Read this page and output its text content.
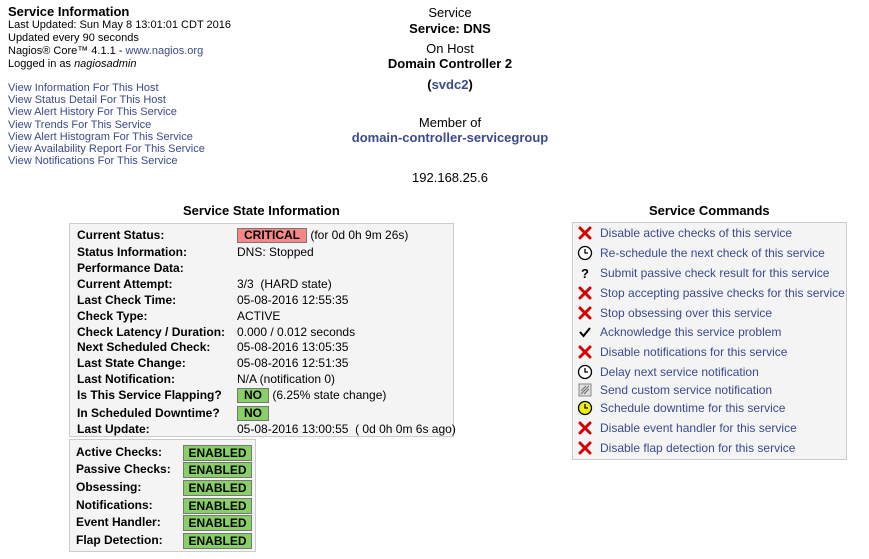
Service Information
Last Updated: Sun May 8 13:01:01 CDT 2016
Updated every 90 seconds
Nagios® Core™ 4.1.1 - www.nagios.org
Logged in as nagiosadmin
View Information For This Host
View Status Detail For This Host
View Alert History For This Service
View Trends For This Service
View Alert Histogram For This Service
View Availability Report For This Service
View Notifications For This Service
Service
Service: DNS
On Host
Domain Controller 2
(svdc2)
Member of
domain-controller-servicegroup
192.168.25.6
Service State Information	Service Commands
Current Status:	CRITICAL (for 0d 0h 9m 26s)
Status Information:	DNS: Stopped
Performance Data:
Current Attempt:	3/3  (HARD state)
Last Check Time:	05-08-2016 12:55:35
Check Type:	ACTIVE
Check Latency / Duration: 0.000 / 0.012 seconds
Next Scheduled Check: 05-08-2016 13:05:35
Last State Change:	05-08-2016 12:51:35
Last Notification:	N/A (notification 0)
Is This Service Flapping?	NO (6.25% state change)
In Scheduled Downtime?	NO
Last Update:	05-08-2016 13:00:55  ( 0d 0h 0m 6s ago)
Active Checks:	ENABLED
Passive Checks:	ENABLED
Obsessing:	ENABLED
Notifications:	ENABLED
Event Handler:	ENABLED
Flap Detection:	ENABLED
Disable active checks of this service
Re-schedule the next check of this service
? Submit passive check result for this service
Stop accepting passive checks for this service
Stop obsessing over this service
Acknowledge this service problem
Disable notifications for this service
Delay next service notification
Send custom service notification
Schedule downtime for this service
Disable event handler for this service
Disable flap detection for this service
